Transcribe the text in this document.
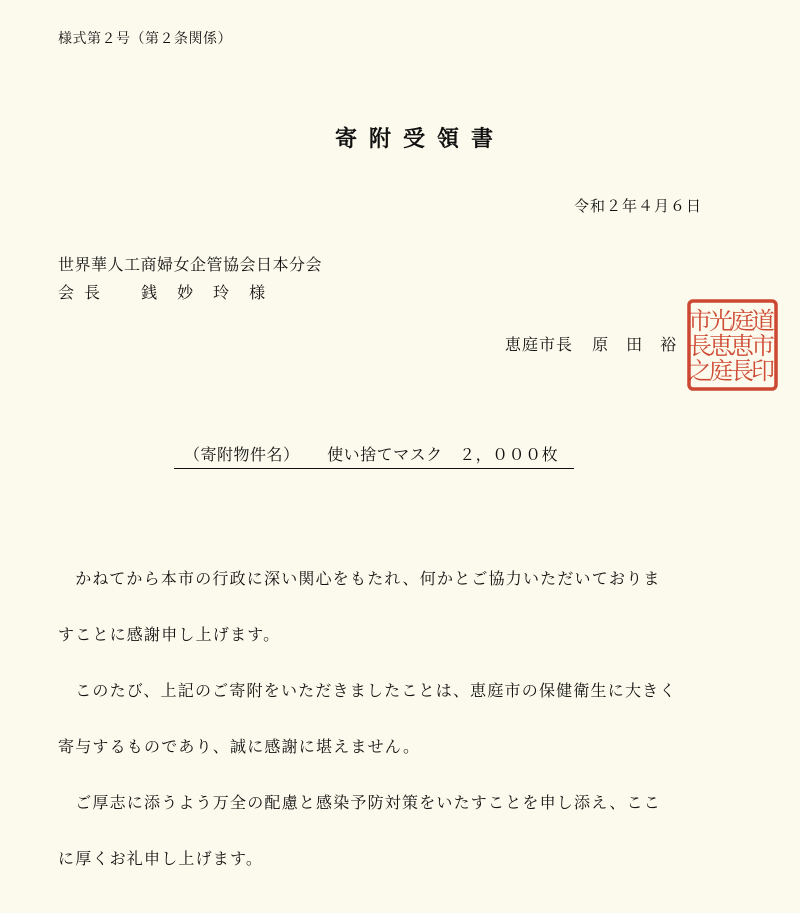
様式第２号（第２条関係）
寄附受領書
令和２年４月６日
世界華人工商婦女企管協会日本分会
会長 銭妙玲様
恵庭市長 原田裕
道
市
印
庭
恵
長
光
恵
庭
市
長
之
（寄附物件名） 使い捨てマスク　２，０００枚
　かねてから本市の行政に深い関心をもたれ、何かとご協力いただいておりま
すことに感謝申し上げます。
　このたび、上記のご寄附をいただきましたことは、恵庭市の保健衛生に大きく
寄与するものであり、誠に感謝に堪えません。
　ご厚志に添うよう万全の配慮と感染予防対策をいたすことを申し添え、ここ
に厚くお礼申し上げます。
